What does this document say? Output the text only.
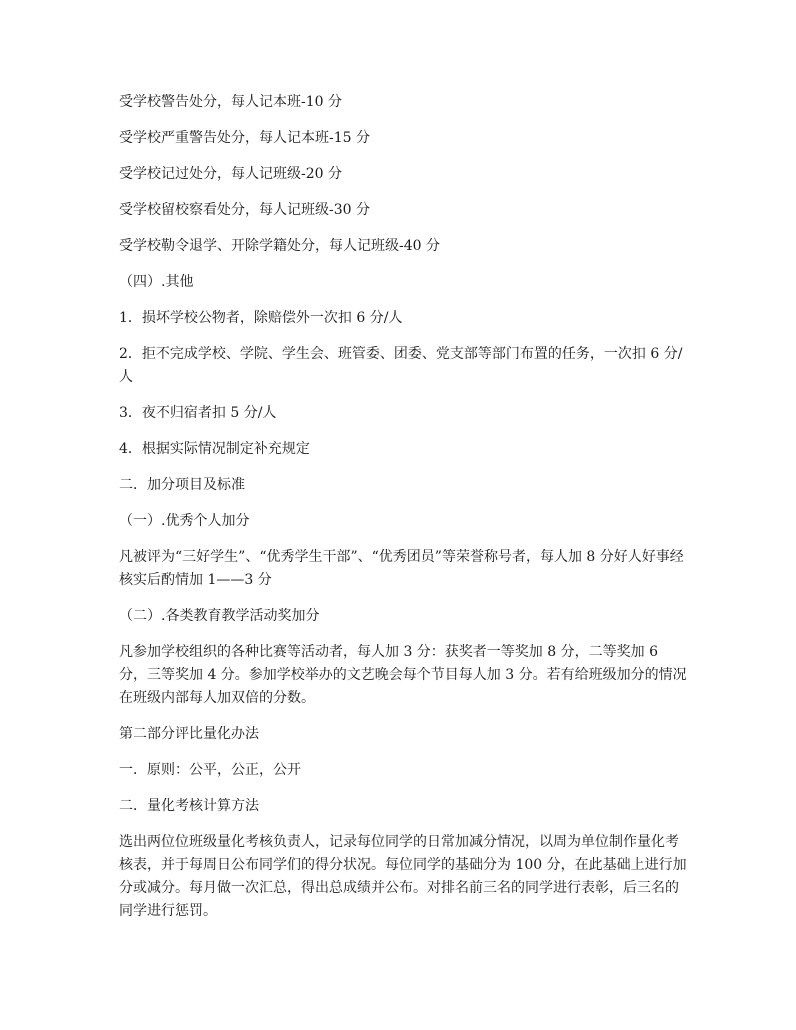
受学校警告处分，每人记本班-10 分

受学校严重警告处分，每人记本班-15 分

受学校记过处分，每人记班级-20 分

受学校留校察看处分，每人记班级-30 分

受学校勒令退学、开除学籍处分，每人记班级-40 分

（四）.其他

1．损坏学校公物者，除赔偿外一次扣 6 分/人

2．拒不完成学校、学院、学生会、班管委、团委、党支部等部门布置的任务，一次扣 6 分/人

3．夜不归宿者扣 5 分/人

4．根据实际情况制定补充规定

二．加分项目及标准

（一）.优秀个人加分

凡被评为“三好学生”、“优秀学生干部”、“优秀团员”等荣誉称号者，每人加 8 分好人好事经核实后酌情加 1——3 分

（二）.各类教育教学活动奖加分

凡参加学校组织的各种比赛等活动者，每人加 3 分：获奖者一等奖加 8 分，二等奖加 6 分，三等奖加 4 分。参加学校举办的文艺晚会每个节目每人加 3 分。若有给班级加分的情况在班级内部每人加双倍的分数。

第二部分评比量化办法

一．原则：公平，公正，公开

二．量化考核计算方法

选出两位位班级量化考核负责人，记录每位同学的日常加减分情况，以周为单位制作量化考核表，并于每周日公布同学们的得分状况。每位同学的基础分为 100 分，在此基础上进行加分或减分。每月做一次汇总，得出总成绩并公布。对排名前三名的同学进行表彰，后三名的同学进行惩罚。
